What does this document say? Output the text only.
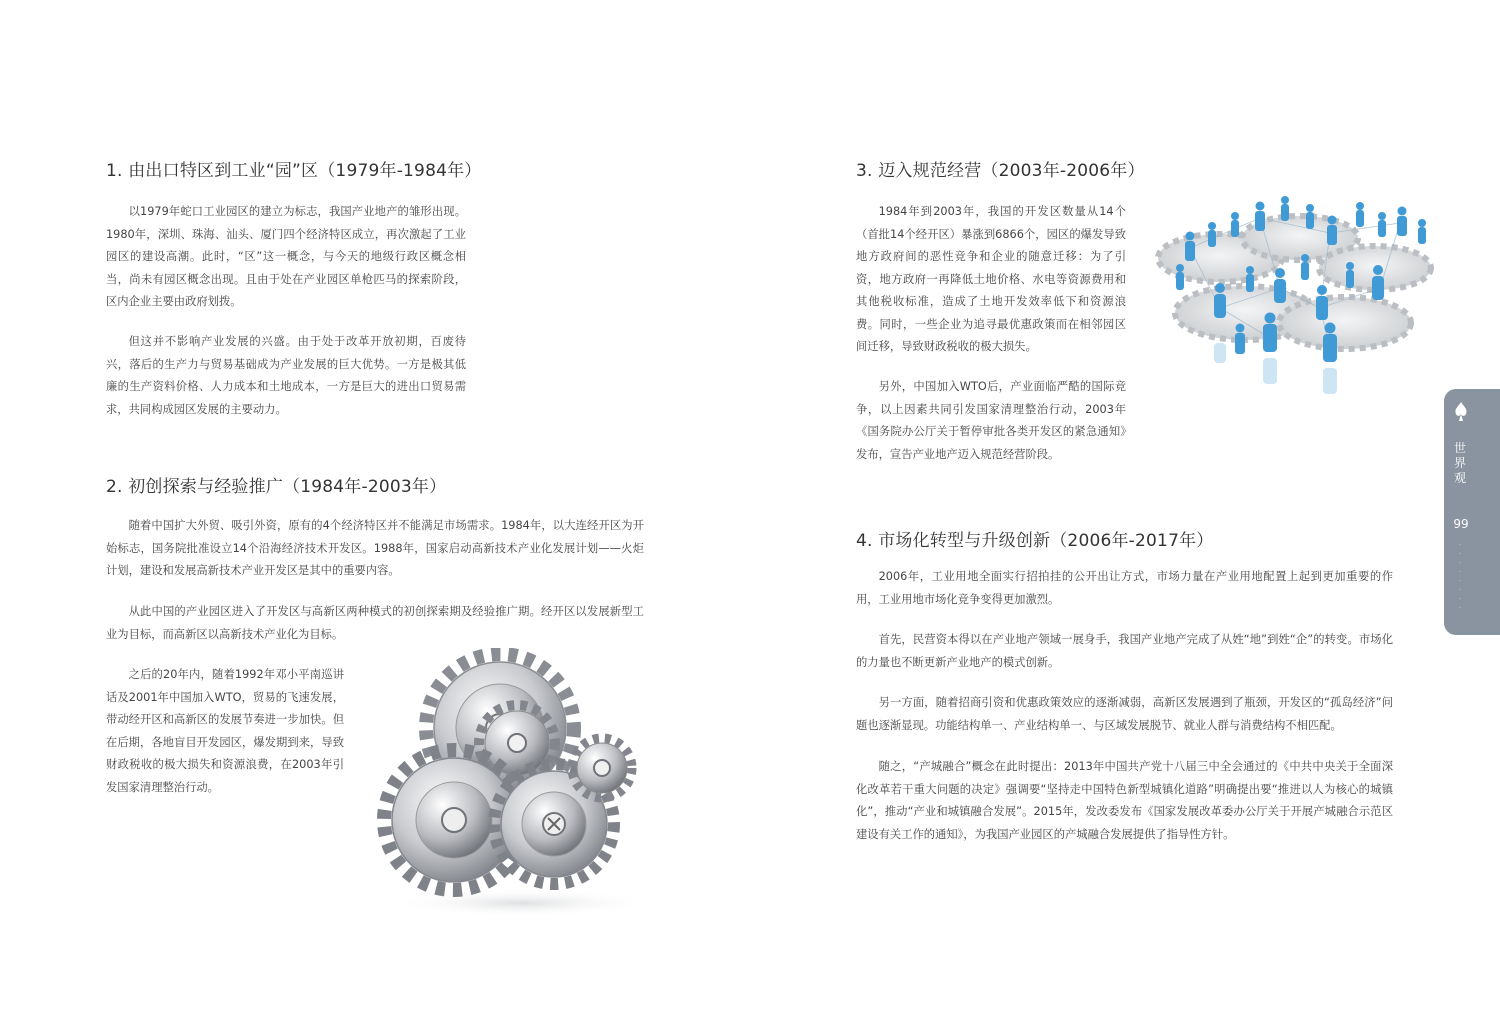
1. 由出口特区到工业“园”区（1979年-1984年）

以1979年蛇口工业园区的建立为标志，我国产业地产的雏形出现。1980年，深圳、珠海、汕头、厦门四个经济特区成立，再次激起了工业园区的建设高潮。此时，“区”这一概念，与今天的地级行政区概念相当，尚未有园区概念出现。且由于处在产业园区单枪匹马的探索阶段，区内企业主要由政府划拨。

但这并不影响产业发展的兴盛。由于处于改革开放初期，百废待兴，落后的生产力与贸易基础成为产业发展的巨大优势。一方是极其低廉的生产资料价格、人力成本和土地成本，一方是巨大的进出口贸易需求，共同构成园区发展的主要动力。

2. 初创探索与经验推广（1984年-2003年）

随着中国扩大外贸、吸引外资，原有的4个经济特区并不能满足市场需求。1984年，以大连经开区为开始标志，国务院批准设立14个沿海经济技术开发区。1988年，国家启动高新技术产业化发展计划——火炬计划，建设和发展高新技术产业开发区是其中的重要内容。

从此中国的产业园区进入了开发区与高新区两种模式的初创探索期及经验推广期。经开区以发展新型工业为目标，而高新区以高新技术产业化为目标。

之后的20年内，随着1992年邓小平南巡讲话及2001年中国加入WTO，贸易的飞速发展，带动经开区和高新区的发展节奏进一步加快。但在后期，各地盲目开发园区，爆发期到来，导致财政税收的极大损失和资源浪费，在2003年引发国家清理整治行动。

3. 迈入规范经营（2003年-2006年）

1984年到2003年，我国的开发区数量从14个（首批14个经开区）暴涨到6866个，园区的爆发导致地方政府间的恶性竞争和企业的随意迁移：为了引资，地方政府一再降低土地价格、水电等资源费用和其他税收标准，造成了土地开发效率低下和资源浪费。同时，一些企业为追寻最优惠政策而在相邻园区间迁移，导致财政税收的极大损失。

另外，中国加入WTO后，产业面临严酷的国际竞争，以上因素共同引发国家清理整治行动，2003年《国务院办公厅关于暂停审批各类开发区的紧急通知》发布，宣告产业地产迈入规范经营阶段。

4. 市场化转型与升级创新（2006年-2017年）

2006年，工业用地全面实行招拍挂的公开出让方式，市场力量在产业用地配置上起到更加重要的作用，工业用地市场化竞争变得更加激烈。

首先，民营资本得以在产业地产领域一展身手，我国产业地产完成了从姓“地”到姓“企”的转变。市场化的力量也不断更新产业地产的模式创新。

另一方面，随着招商引资和优惠政策效应的逐渐减弱，高新区发展遇到了瓶颈，开发区的“孤岛经济”问题也逐渐显现。功能结构单一、产业结构单一、与区域发展脱节、就业人群与消费结构不相匹配。

随之，“产城融合”概念在此时提出：2013年中国共产党十八届三中全会通过的《中共中央关于全面深化改革若干重大问题的决定》强调要“坚持走中国特色新型城镇化道路”明确提出要“推进以人为核心的城镇化”，推动“产业和城镇融合发展”。2015年，发改委发布《国家发展改革委办公厅关于开展产城融合示范区建设有关工作的通知》，为我国产业园区的产城融合发展提供了指导性方针。

世
界
观
99
·
·
·
·
·
·
·
·
